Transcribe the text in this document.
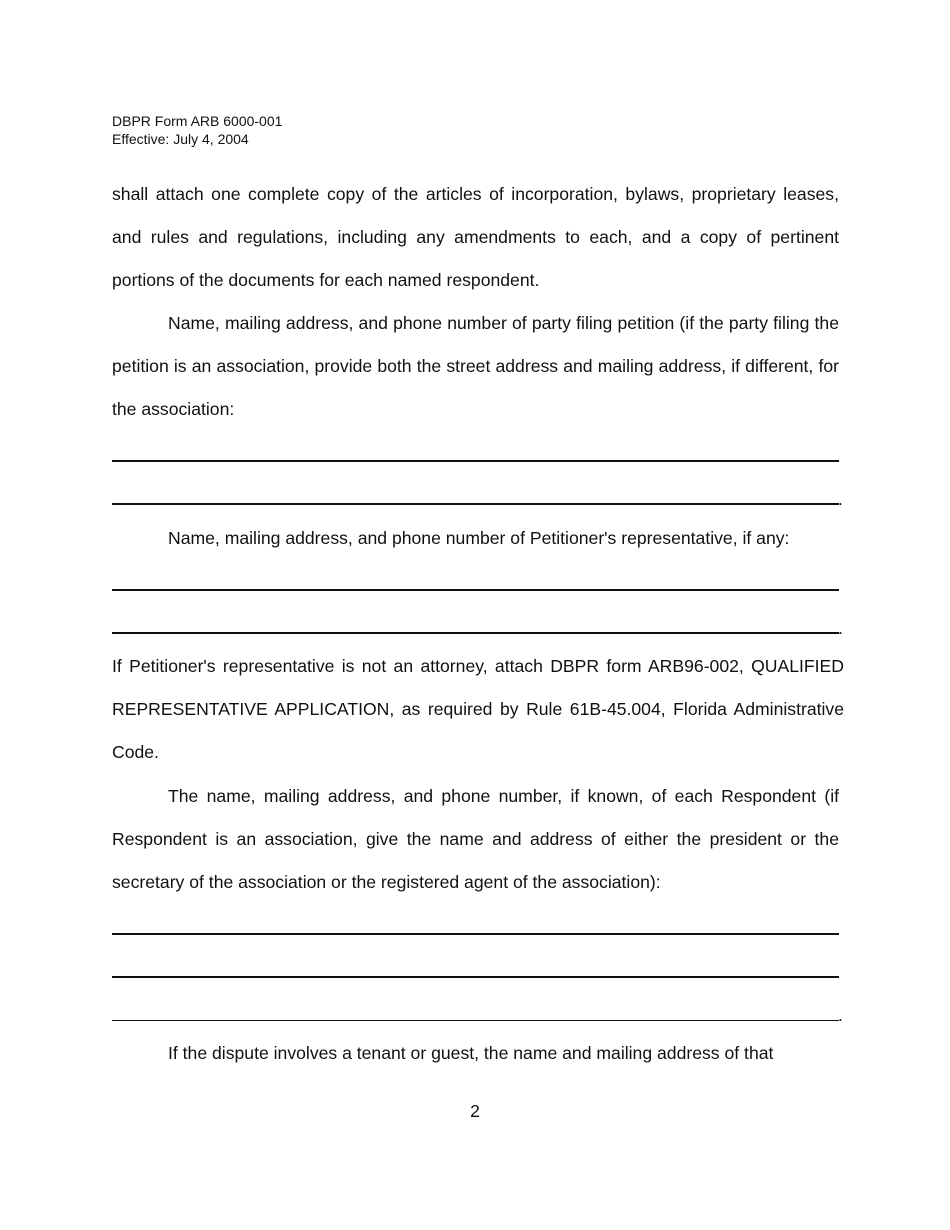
DBPR Form ARB 6000-001
Effective: July 4, 2004
shall attach one complete copy of the articles of incorporation, bylaws, proprietary leases, and rules and regulations, including any amendments to each, and a copy of pertinent portions of the documents for each named respondent.
Name, mailing address, and phone number of party filing petition (if the party filing the petition is an association, provide both the street address and mailing address, if different, for the association:
.
Name, mailing address, and phone number of Petitioner's representative, if any:
.
If Petitioner's representative is not an attorney, attach DBPR form ARB96-002, QUALIFIED REPRESENTATIVE APPLICATION, as required by Rule 61B-45.004, Florida Administrative Code.
The name, mailing address, and phone number, if known, of each Respondent (if Respondent is an association, give the name and address of either the president or the secretary of the association or the registered agent of the association):
.
If the dispute involves a tenant or guest, the name and mailing address of that
2
